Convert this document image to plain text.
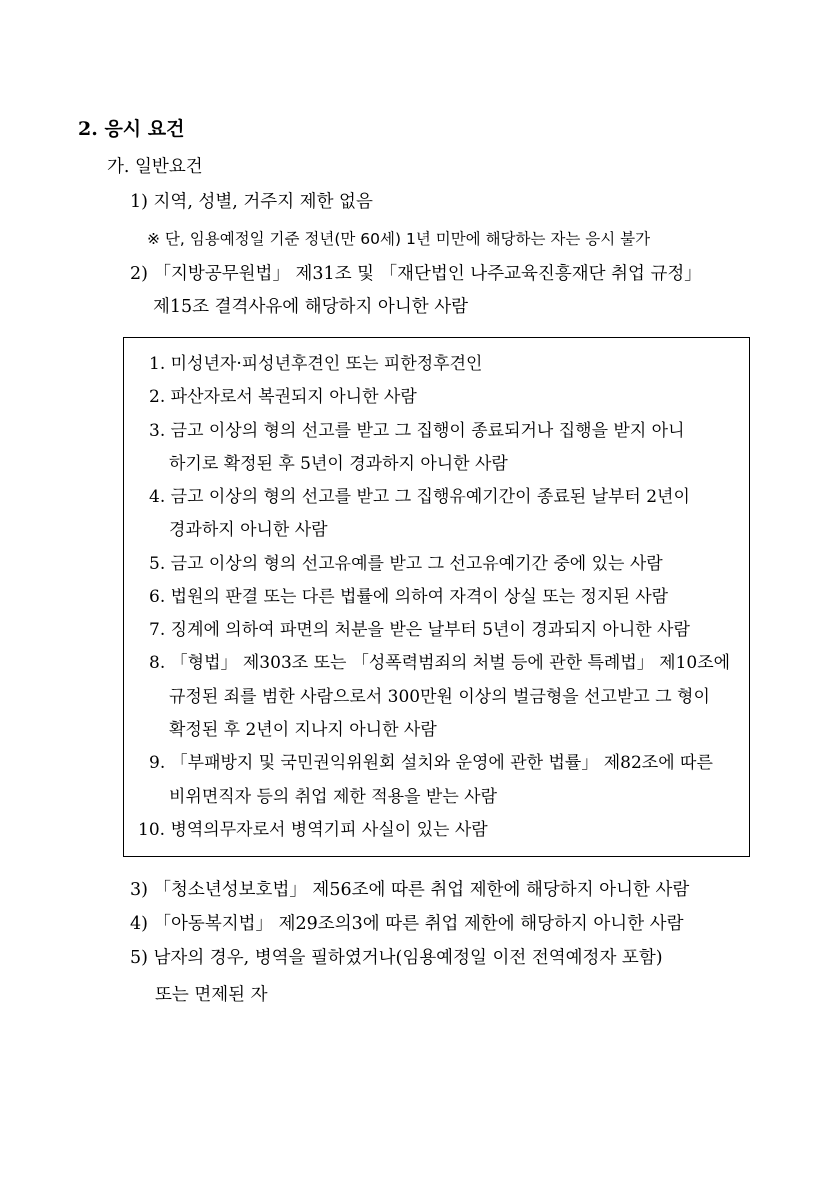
2. 응시 요건
가. 일반요건
1) 지역, 성별, 거주지 제한 없음
※ 단, 임용예정일 기준 정년(만 60세) 1년 미만에 해당하는 자는 응시 불가
2) 「지방공무원법」 제31조 및 「재단법인 나주교육진흥재단 취업 규정」
제15조 결격사유에 해당하지 아니한 사람
1. 미성년자·피성년후견인 또는 피한정후견인
2. 파산자로서 복권되지 아니한 사람
3. 금고 이상의 형의 선고를 받고 그 집행이 종료되거나 집행을 받지 아니
하기로 확정된 후 5년이 경과하지 아니한 사람
4. 금고 이상의 형의 선고를 받고 그 집행유예기간이 종료된 날부터 2년이
경과하지 아니한 사람
5. 금고 이상의 형의 선고유예를 받고 그 선고유예기간 중에 있는 사람
6. 법원의 판결 또는 다른 법률에 의하여 자격이 상실 또는 정지된 사람
7. 징계에 의하여 파면의 처분을 받은 날부터 5년이 경과되지 아니한 사람
8. 「형법」 제303조 또는 「성폭력범죄의 처벌 등에 관한 특례법」 제10조에
규정된 죄를 범한 사람으로서 300만원 이상의 벌금형을 선고받고 그 형이
확정된 후 2년이 지나지 아니한 사람
9. 「부패방지 및 국민권익위원회 설치와 운영에 관한 법률」 제82조에 따른
비위면직자 등의 취업 제한 적용을 받는 사람
10. 병역의무자로서 병역기피 사실이 있는 사람
3) 「청소년성보호법」 제56조에 따른 취업 제한에 해당하지 아니한 사람
4) 「아동복지법」 제29조의3에 따른 취업 제한에 해당하지 아니한 사람
5) 남자의 경우, 병역을 필하였거나(임용예정일 이전 전역예정자 포함)
또는 면제된 자
